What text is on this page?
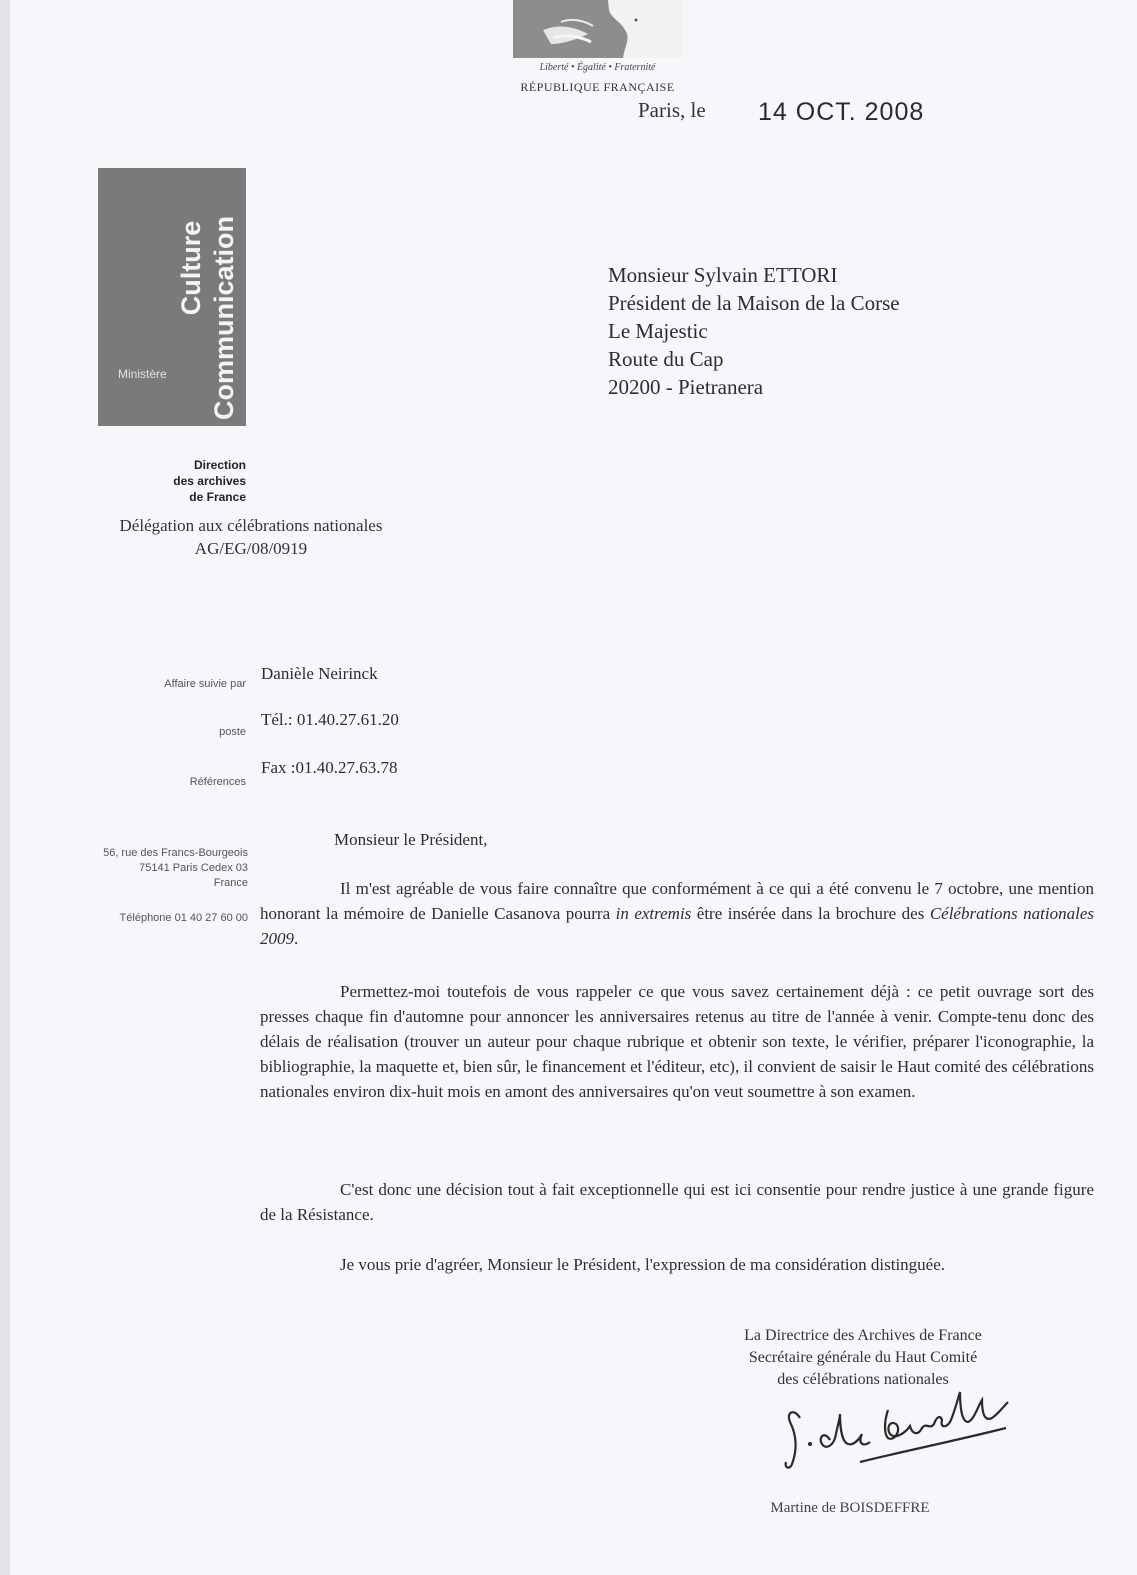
Liberté • Égalité • Fraternité
RÉPUBLIQUE FRANÇAISE
Paris, le 14 OCT. 2008
Culture Communication
Ministère
Direction
des archives
de France
Délégation aux célébrations nationales
AG/EG/08/0919
Monsieur Sylvain ETTORI
Président de la Maison de la Corse
Le Majestic
Route du Cap
20200 - Pietranera
Affaire suivie par
Danièle Neirinck
poste
Tél.: 01.40.27.61.20
Références
Fax :01.40.27.63.78
56, rue des Francs-Bourgeois
75141 Paris Cedex 03
France
Téléphone 01 40 27 60 00
Monsieur le Président,
Il m'est agréable de vous faire connaître que conformément à ce qui a été convenu le 7 octobre, une mention honorant la mémoire de Danielle Casanova pourra in extremis être insérée dans la brochure des Célébrations nationales 2009.
Permettez-moi toutefois de vous rappeler ce que vous savez certainement déjà : ce petit ouvrage sort des presses chaque fin d'automne pour annoncer les anniversaires retenus au titre de l'année à venir. Compte-tenu donc des délais de réalisation (trouver un auteur pour chaque rubrique et obtenir son texte, le vérifier, préparer l'iconographie, la bibliographie, la maquette et, bien sûr, le financement et l'éditeur, etc), il convient de saisir le Haut comité des célébrations nationales environ dix-huit mois en amont des anniversaires qu'on veut soumettre à son examen.
C'est donc une décision tout à fait exceptionnelle qui est ici consentie pour rendre justice à une grande figure de la Résistance.
Je vous prie d'agréer, Monsieur le Président, l'expression de ma considération distinguée.
La Directrice des Archives de France
Secrétaire générale du Haut Comité
des célébrations nationales
Martine de BOISDEFFRE
